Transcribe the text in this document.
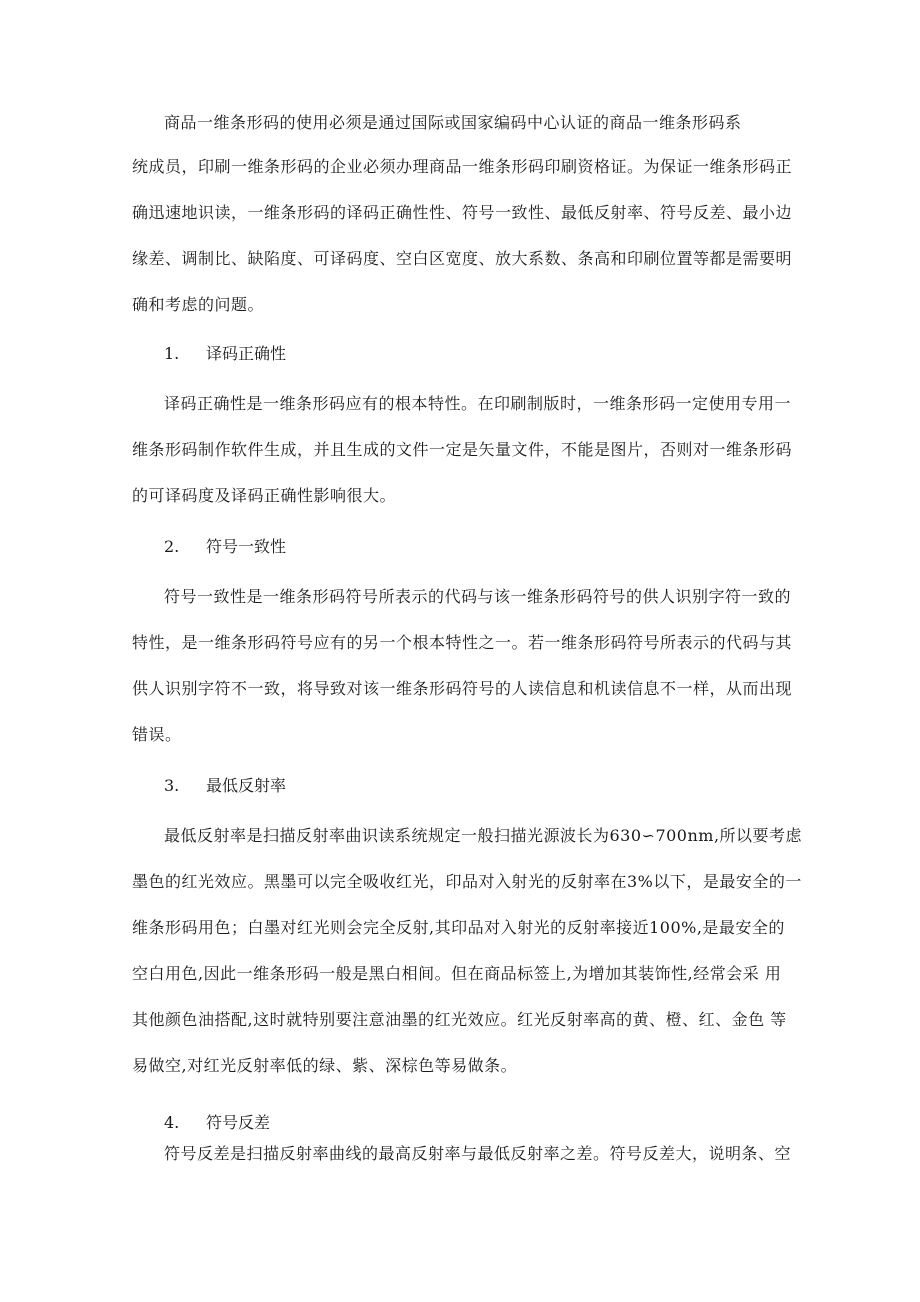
商品一维条形码的使用必须是通过国际或国家编码中心认证的商品一维条形码系
统成员，印刷一维条形码的企业必须办理商品一维条形码印刷资格证。为保证一维条形码正
确迅速地识读，一维条形码的译码正确性性、符号一致性、最低反射率、符号反差、最小边
缘差、调制比、缺陷度、可译码度、空白区宽度、放大系数、条高和印刷位置等都是需要明
确和考虑的问题。
1. 译码正确性
译码正确性是一维条形码应有的根本特性。在印刷制版时，一维条形码一定使用专用一
维条形码制作软件生成，并且生成的文件一定是矢量文件，不能是图片，否则对一维条形码
的可译码度及译码正确性影响很大。
2. 符号一致性
符号一致性是一维条形码符号所表示的代码与该一维条形码符号的供人识别字符一致的
特性，是一维条形码符号应有的另一个根本特性之一。若一维条形码符号所表示的代码与其
供人识别字符不一致，将导致对该一维条形码符号的人读信息和机读信息不一样，从而出现
错误。
3. 最低反射率
最低反射率是扫描反射率曲识读系统规定一般扫描光源波长为630∽700nm,所以要考虑
墨色的红光效应。黑墨可以完全吸收红光，印品对入射光的反射率在3%以下，是最安全的一
维条形码用色；白墨对红光则会完全反射,其印品对入射光的反射率接近100%,是最安全的
空白用色,因此一维条形码一般是黑白相间。但在商品标签上,为增加其装饰性,经常会采 用
其他颜色油搭配,这时就特别要注意油墨的红光效应。红光反射率高的黄、橙、红、金色 等
易做空,对红光反射率低的绿、紫、深棕色等易做条。
4. 符号反差
符号反差是扫描反射率曲线的最高反射率与最低反射率之差。符号反差大，说明条、空
